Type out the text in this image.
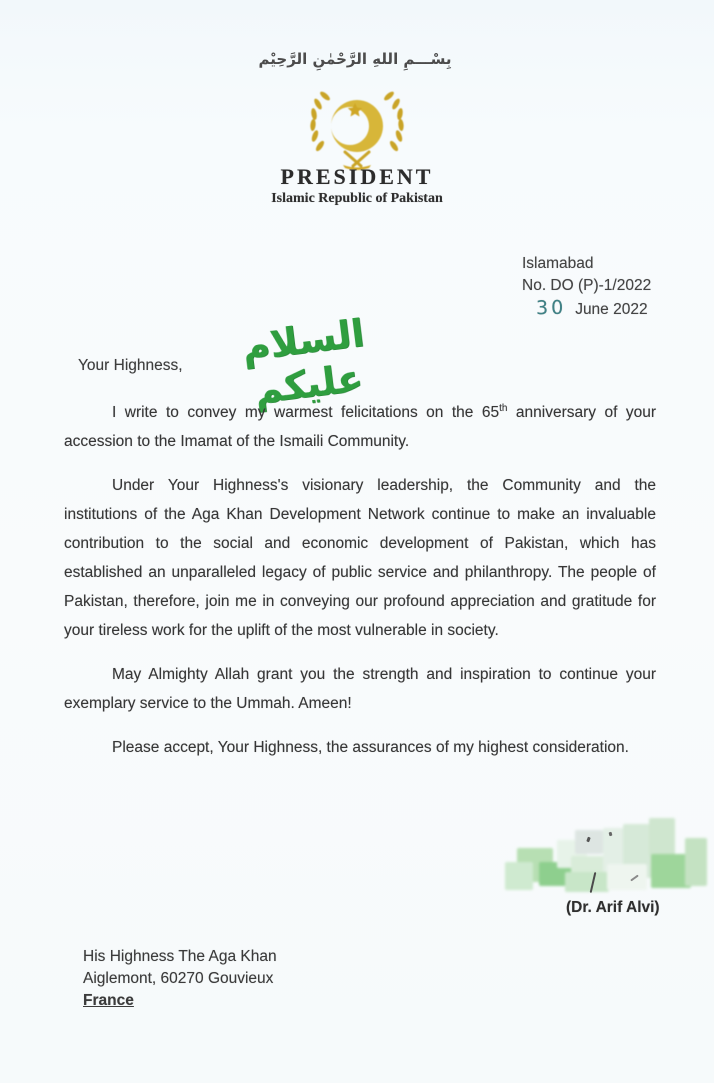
بِسْـــمِ اللهِ الرَّحْمٰنِ الرَّحِيْم
PRESIDENT
Islamic Republic of Pakistan
Islamabad
No. DO (P)-1/2022
30 June 2022
Your Highness,	السلام عليكم

I write to convey my warmest felicitations on the 65th anniversary of your accession to the Imamat of the Ismaili Community.

Under Your Highness's visionary leadership, the Community and the institutions of the Aga Khan Development Network continue to make an invaluable contribution to the social and economic development of Pakistan, which has established an unparalleled legacy of public service and philanthropy. The people of Pakistan, therefore, join me in conveying our profound appreciation and gratitude for your tireless work for the uplift of the most vulnerable in society.

May Almighty Allah grant you the strength and inspiration to continue your exemplary service to the Ummah. Ameen!

Please accept, Your Highness, the assurances of my highest consideration.

(Dr. Arif Alvi)
His Highness The Aga Khan
Aiglemont, 60270 Gouvieux
France
